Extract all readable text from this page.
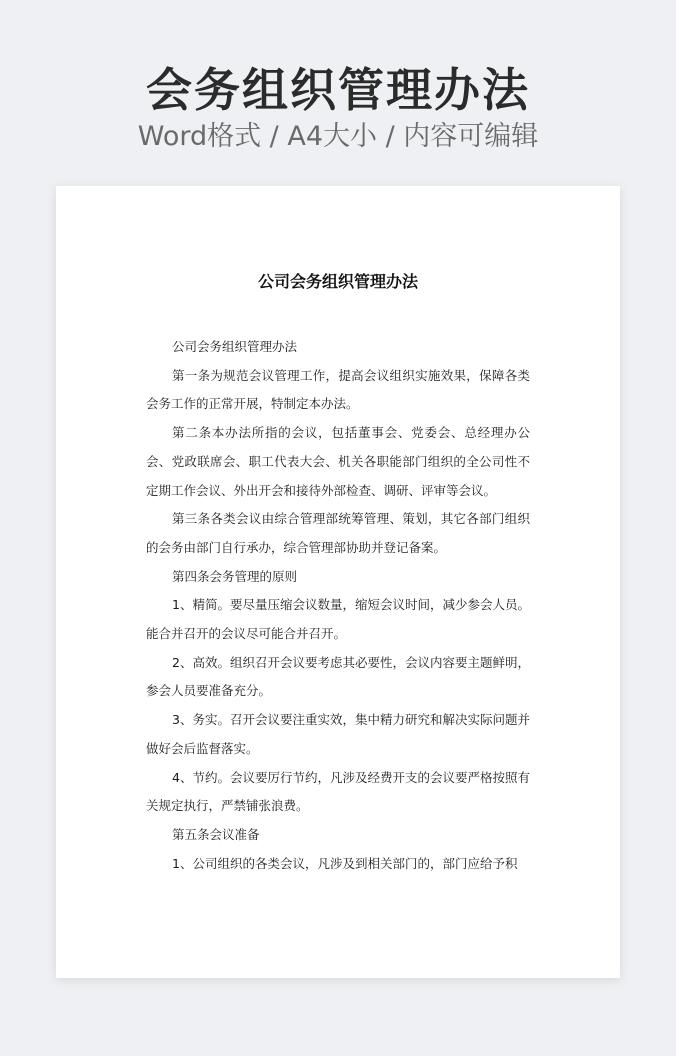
会务组织管理办法
Word格式 / A4大小 / 内容可编辑
公司会务组织管理办法

公司会务组织管理办法

第一条为规范会议管理工作，提高会议组织实施效果，保障各类会务工作的正常开展，特制定本办法。

第二条本办法所指的会议，包括董事会、党委会、总经理办公会、党政联席会、职工代表大会、机关各职能部门组织的全公司性不定期工作会议、外出开会和接待外部检查、调研、评审等会议。

第三条各类会议由综合管理部统筹管理、策划，其它各部门组织的会务由部门自行承办，综合管理部协助并登记备案。

第四条会务管理的原则

1、精简。要尽量压缩会议数量，缩短会议时间，减少参会人员。能合并召开的会议尽可能合并召开。

2、高效。组织召开会议要考虑其必要性，会议内容要主题鲜明，参会人员要准备充分。

3、务实。召开会议要注重实效，集中精力研究和解决实际问题并做好会后监督落实。

4、节约。会议要厉行节约，凡涉及经费开支的会议要严格按照有关规定执行，严禁铺张浪费。

第五条会议准备

1、公司组织的各类会议，凡涉及到相关部门的，部门应给予积
